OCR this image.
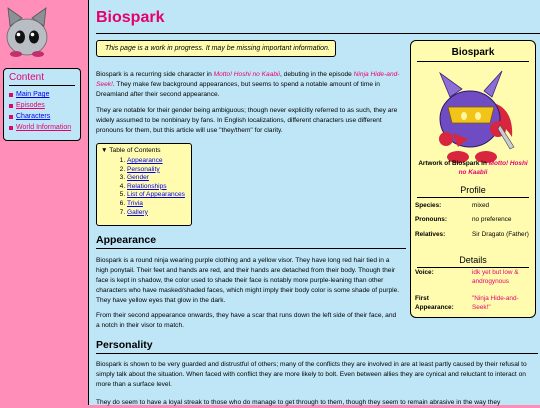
Content
Main Page
Episodes
Characters
World Information
Biospark
This page is a work in progress. It may be missing important information.
Biospark is a recurring side character in Motto! Hoshi no Kaabii, debuting in the episode Ninja Hide-and-Seek!. They make few background appearances, but seems to spend a notable amount of time in Dreamland after their second appearance.
They are notable for their gender being ambiguous; though never explicitly referred to as such, they are widely assumed to be nonbinary by fans. In English localizations, different characters use different pronouns for them, but this article will use "they/them" for clarity.
▼ Table of Contents
1. Appearance
2. Personality
3. Gender
4. Relationships
5. List of Appearances
6. Trivia
7. Gallery
Appearance
Biospark is a round ninja wearing purple clothing and a yellow visor. They have long red hair tied in a high ponytail. Their feet and hands are red, and their hands are detached from their body. Though their face is kept in shadow, the color used to shade their face is notably more purple-leaning than other characters who have masked/shaded faces, which might imply their body color is some shade of purple. They have yellow eyes that glow in the dark.
From their second appearance onwards, they have a scar that runs down the left side of their face, and a notch in their visor to match.
Personality
Biospark is shown to be very guarded and distrustful of others; many of the conflicts they are involved in are at least partly caused by their refusal to simply talk about the situation. When faced with conflict they are more likely to bolt. Even between allies they are cynical and reluctant to interact on more than a surface level.
They do seem to have a loyal streak to those who do manage to get through to them, though they seem to remain abrasive in the way they
Biospark
Artwork of Biospark in Motto! Hoshi no Kaabii
Profile
Species:	mixed
Pronouns:	no preference
Relatives:	Sir Dragato (Father)
Details
Voice:	idk yet but low & androgynous
First Appearance:
"Ninja Hide-and-Seek!"
